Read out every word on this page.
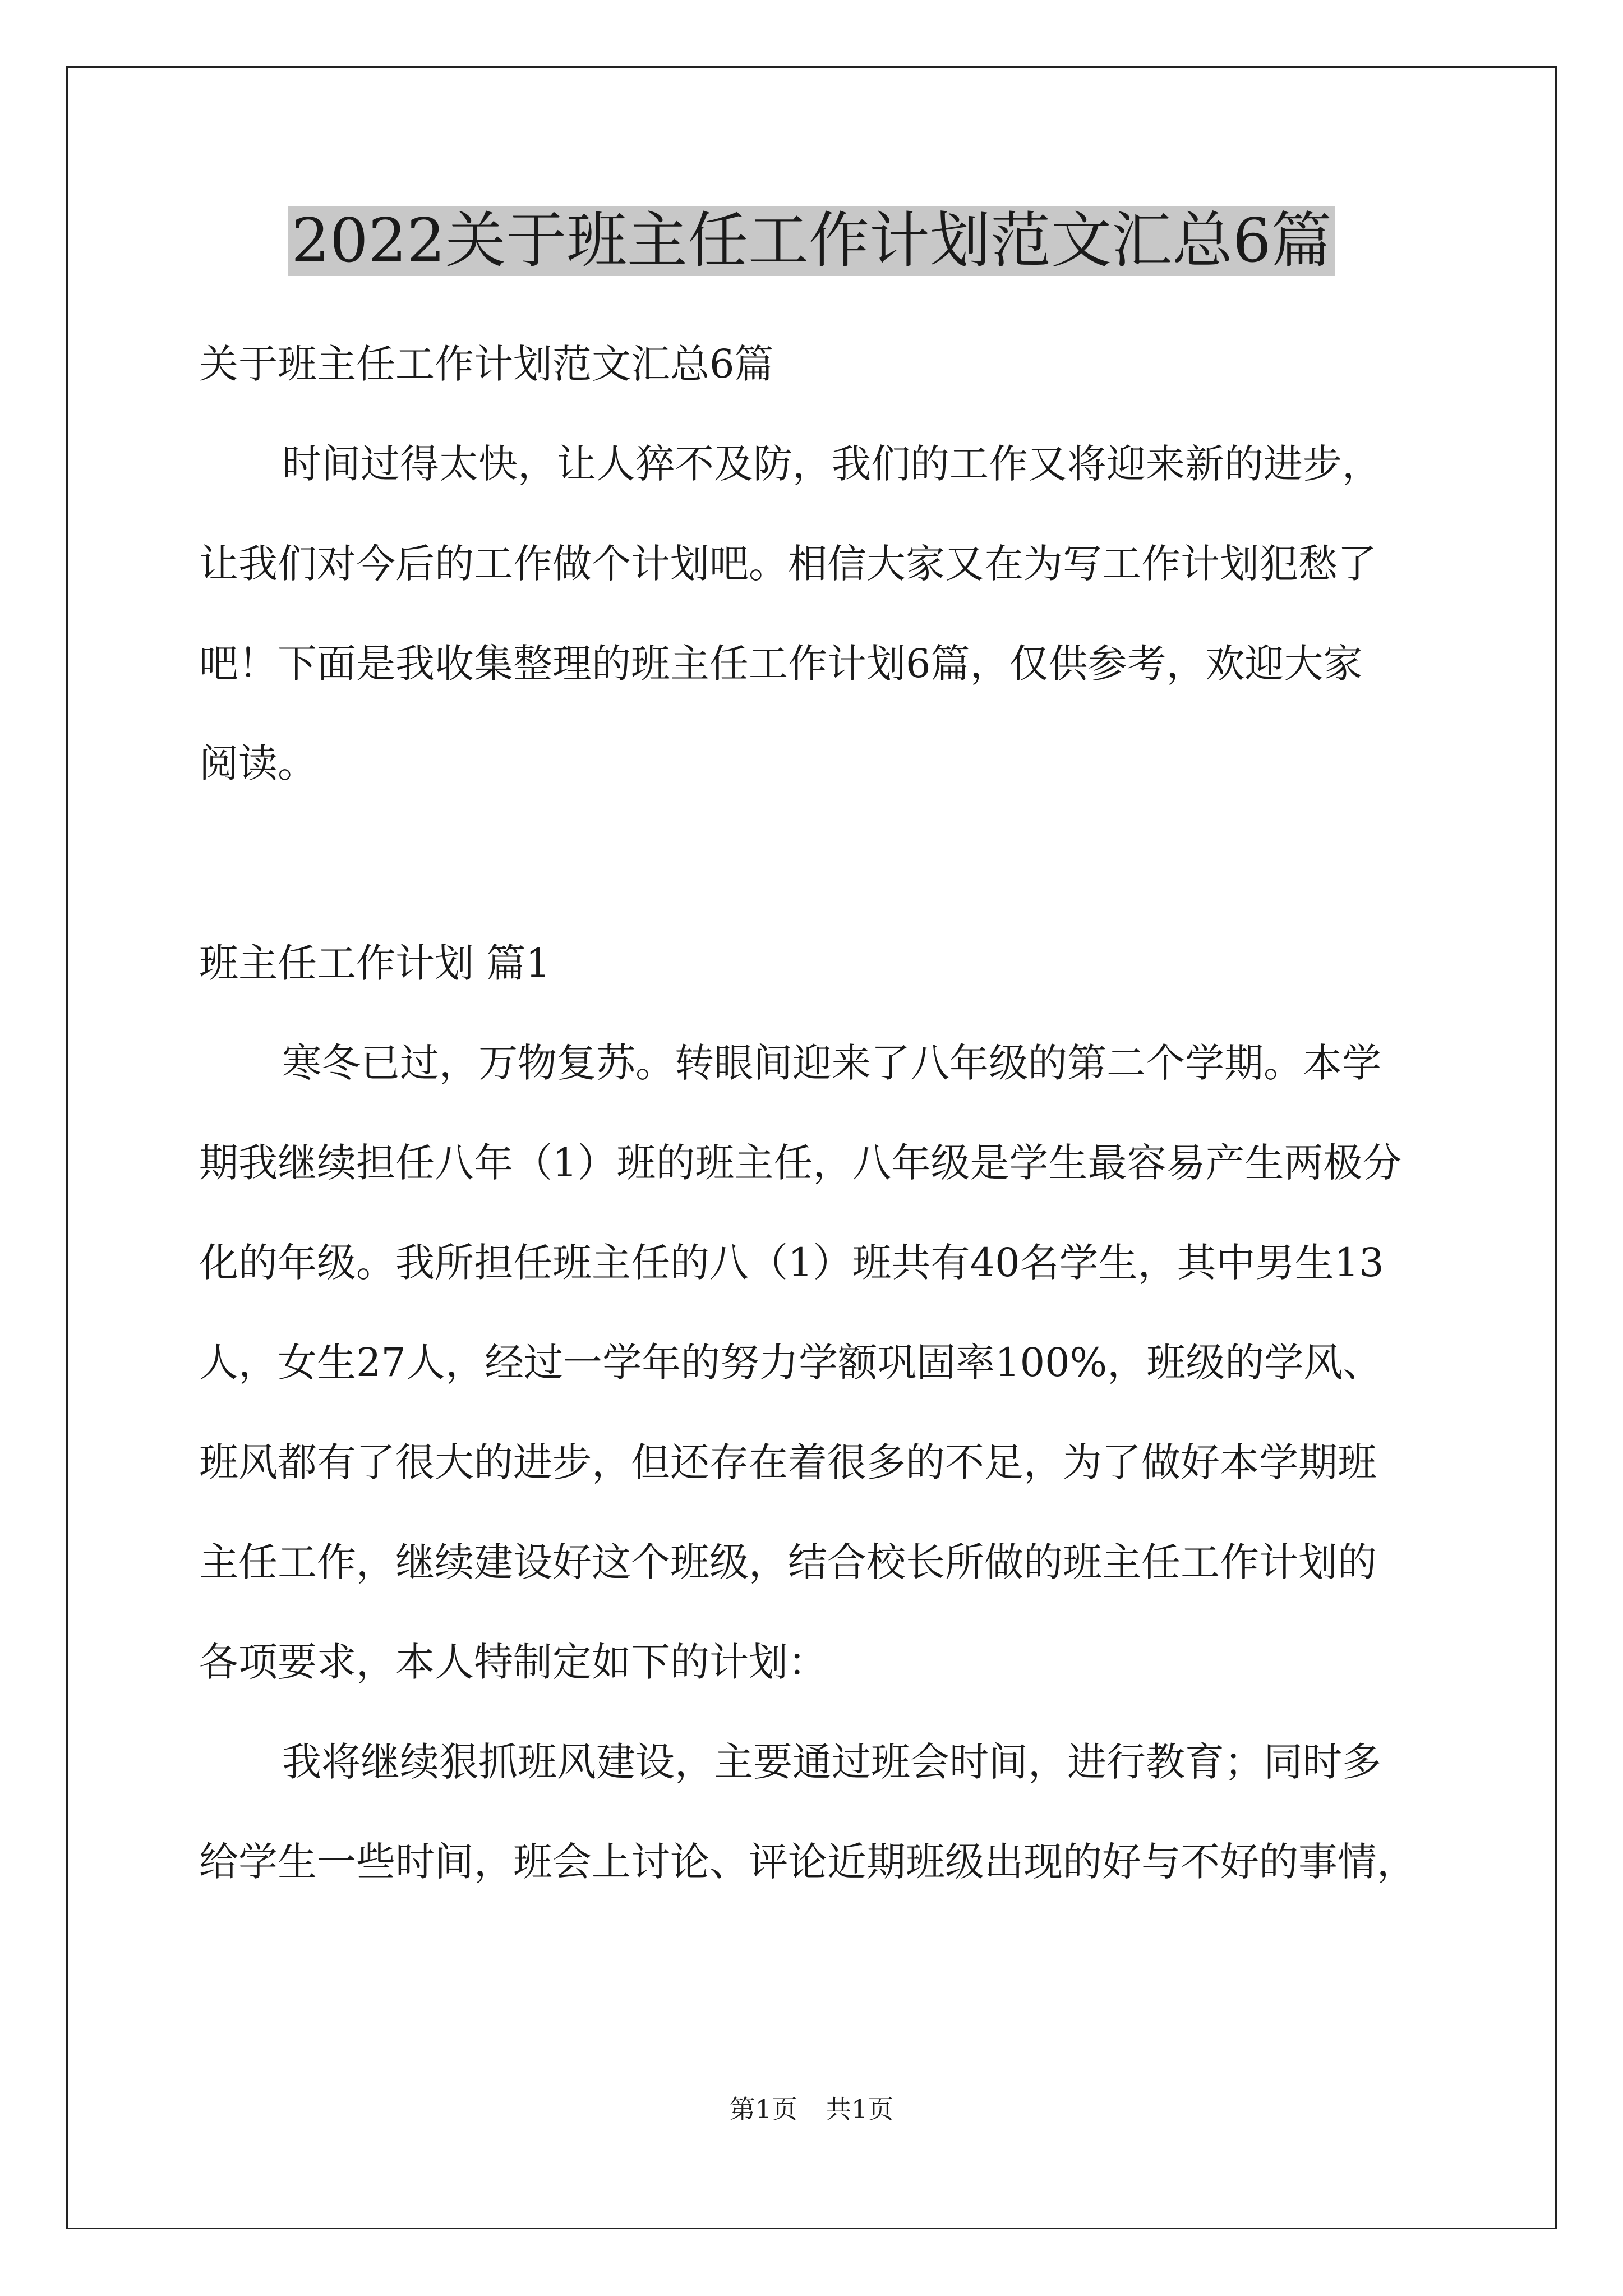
2022关于班主任工作计划范文汇总6篇
关于班主任工作计划范文汇总6篇
时间过得太快，让人猝不及防，我们的工作又将迎来新的进步，
让我们对今后的工作做个计划吧。相信大家又在为写工作计划犯愁了
吧！下面是我收集整理的班主任工作计划6篇，仅供参考，欢迎大家
阅读。
班主任工作计划 篇1
寒冬已过，万物复苏。转眼间迎来了八年级的第二个学期。本学
期我继续担任八年（1）班的班主任，八年级是学生最容易产生两极分
化的年级。我所担任班主任的八（1）班共有40名学生，其中男生13
人，女生27人，经过一学年的努力学额巩固率100%，班级的学风、
班风都有了很大的进步，但还存在着很多的不足，为了做好本学期班
主任工作，继续建设好这个班级，结合校长所做的班主任工作计划的
各项要求，本人特制定如下的计划：
我将继续狠抓班风建设，主要通过班会时间，进行教育；同时多
给学生一些时间，班会上讨论、评论近期班级出现的好与不好的事情，
第1页 共1页
